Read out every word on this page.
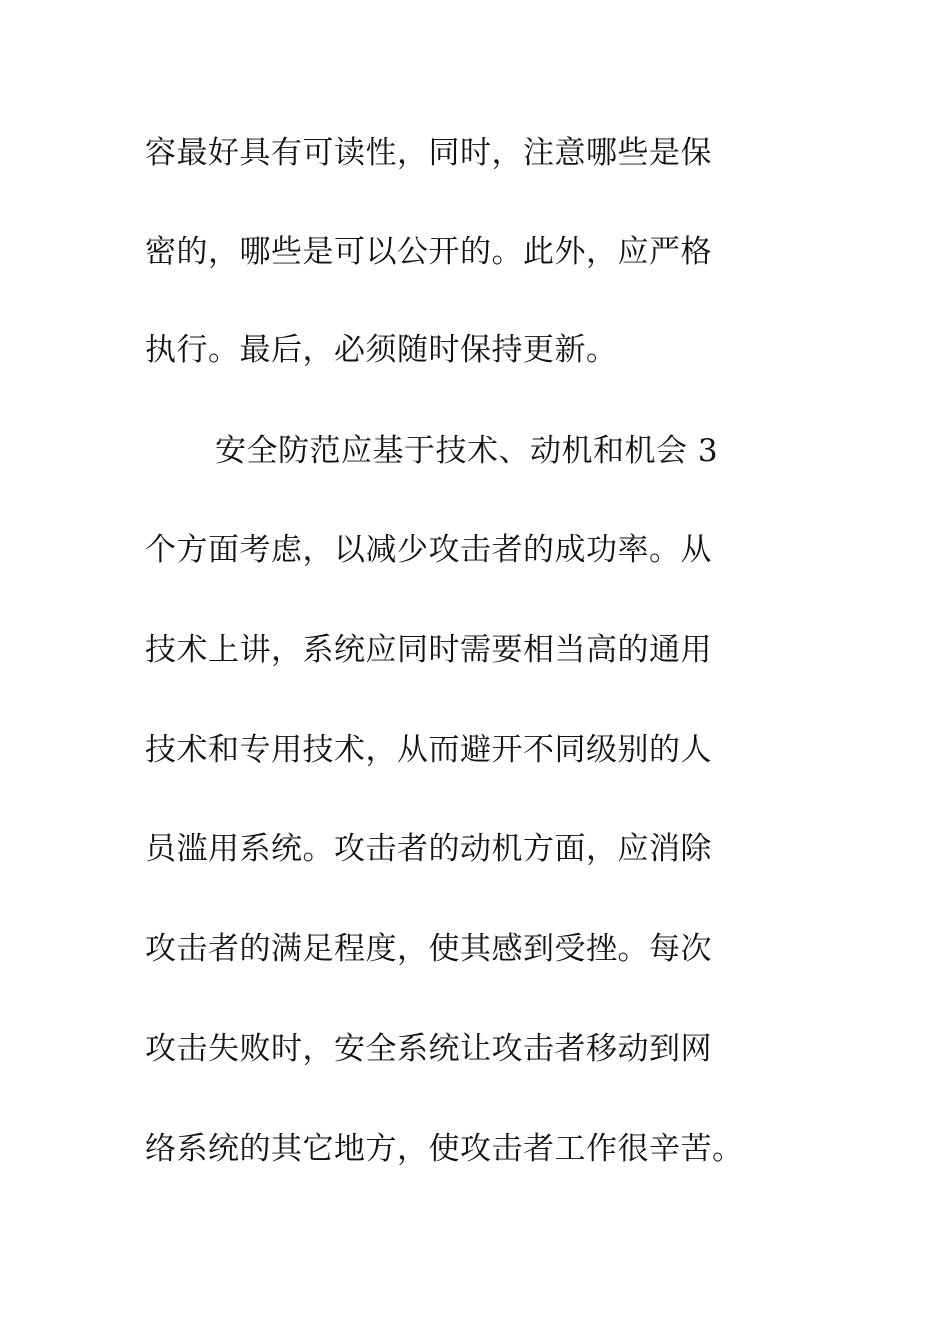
容最好具有可读性，同时，注意哪些是保
密的，哪些是可以公开的。此外，应严格
执行。最后，必须随时保持更新。
安全防范应基于技术、动机和机会 3
个方面考虑，以减少攻击者的成功率。从
技术上讲，系统应同时需要相当高的通用
技术和专用技术，从而避开不同级别的人
员滥用系统。攻击者的动机方面，应消除
攻击者的满足程度，使其感到受挫。每次
攻击失败时，安全系统让攻击者移动到网
络系统的其它地方，使攻击者工作很辛苦。
